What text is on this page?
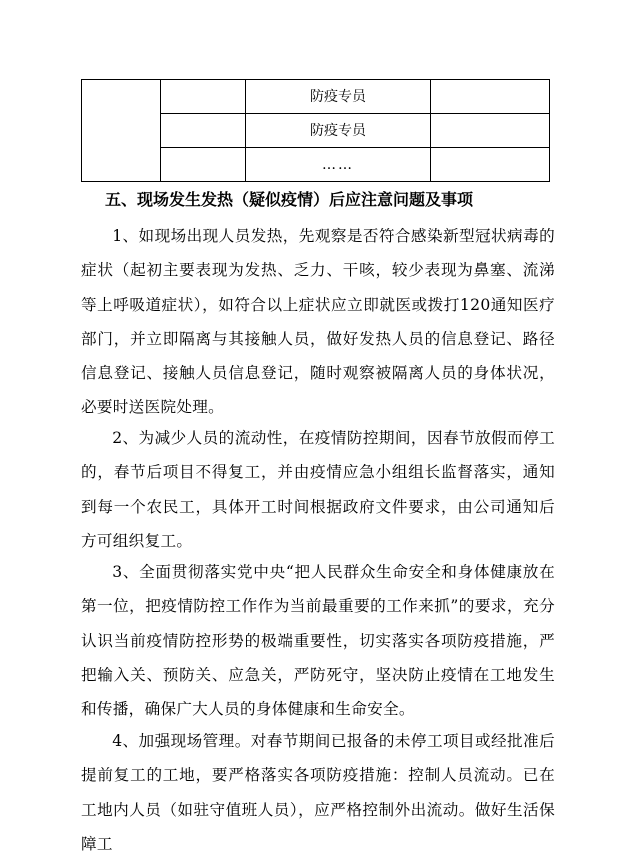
		防疫专员	
		防疫专员	
		……	
五、现场发生发热（疑似疫情）后应注意问题及事项

1、如现场出现人员发热，先观察是否符合感染新型冠状病毒的症状（起初主要表现为发热、乏力、干咳，较少表现为鼻塞、流涕等上呼吸道症状），如符合以上症状应立即就医或拨打120通知医疗部门，并立即隔离与其接触人员，做好发热人员的信息登记、路径信息登记、接触人员信息登记，随时观察被隔离人员的身体状况，必要时送医院处理。

2、为减少人员的流动性，在疫情防控期间，因春节放假而停工的，春节后项目不得复工，并由疫情应急小组组长监督落实，通知到每一个农民工，具体开工时间根据政府文件要求，由公司通知后方可组织复工。

3、全面贯彻落实党中央“把人民群众生命安全和身体健康放在第一位，把疫情防控工作作为当前最重要的工作来抓”的要求，充分认识当前疫情防控形势的极端重要性，切实落实各项防疫措施，严把输入关、预防关、应急关，严防死守，坚决防止疫情在工地发生和传播，确保广大人员的身体健康和生命安全。

4、加强现场管理。对春节期间已报备的未停工项目或经批准后提前复工的工地，要严格落实各项防疫措施：控制人员流动。已在工地内人员（如驻守值班人员），应严格控制外出流动。做好生活保障工
